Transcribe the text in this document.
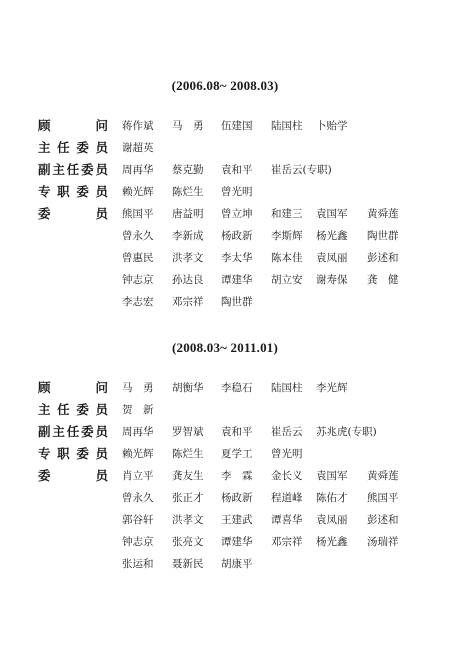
(2006.08~ 2008.03)
顾	问 蒋作斌 马　勇 伍建国 陆国柱 卜贻学
主 任 委 员 谢超英
副 主 任 委 员 周再华 蔡克勤 袁和平 崔岳云(专职)
专 职 委 员 赖光辉 陈烂生 曾光明
委	员 熊国平 唐益明 曾立坤 和建三 袁国军 黄舜莲
曾永久 李新成 杨政新 李斯辉 杨光鑫 陶世群
曾惠民 洪孝文 李太华 陈本佳 袁凤丽 彭述和
钟志京 孙达良 谭建华 胡立安 谢寿保 龚　健
李志宏 邓宗祥 陶世群
(2008.03~ 2011.01)
顾	问 马　勇 胡衡华 李稳石 陆国柱 李光辉
主 任 委 员 贺　新
副 主 任 委 员 周再华 罗智斌 袁和平 崔岳云 苏兆虎(专职)
专 职 委 员 赖光辉 陈烂生 夏学工 曾光明
委	员 肖立平 龚友生 李　霖 金长义 袁国军 黄舜莲
曾永久 张正才 杨政新 程道峰 陈佑才 熊国平
郭谷轩 洪孝文 王建武 谭喜华 袁凤丽 彭述和
钟志京 张亮文 谭建华 邓宗祥 杨光鑫 汤瑞祥
张运和 聂新民 胡康平
